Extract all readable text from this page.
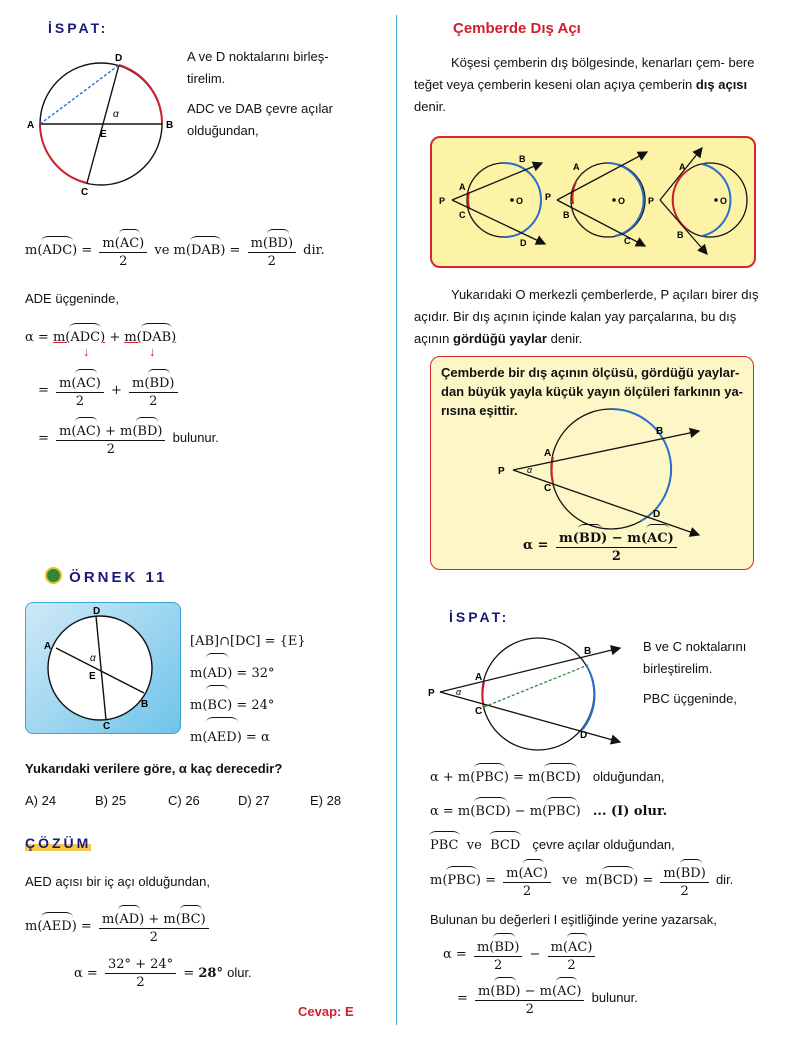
İSPAT:
A	B
D
C
E
α
A ve D noktalarını birleş-
tirelim.
ADC ve DAB çevre açılar
olduğundan,
$m(ADC) = \frac{m(AC)}{2}$ ve $m(DAB) = \frac{m(BD)}{2}$ dir.
ADE üçgeninde,
α = m(ADC) + m(DAB)
↓	↓
= $\frac{m(AC)}{2} + \frac{m(BD)}{2}$
= $\frac{m(AC) + m(BD)}{2}$ bulunur.
ÖRNEK 11
A
B
D
C
E
α
[AB]∩[DC] = {E}
m(AD) = 32°
m(BC) = 24°
m(AED) = α
Yukarıdaki verilere göre, α kaç derecedir?
A) 24	B) 25	C) 26	D) 27	E) 28
ÇÖZÜM
AED açısı bir iç açı olduğundan,
$m(AED) = \frac{m(AD) + m(BC)}{2}$
$\alpha = \frac{32^\circ + 24^\circ}{2} = 28^\circ$ olur.
Cevap: E
Çemberde Dış Açı
Köşesi çemberin dış bölgesinde, kenarları çem- bere teğet veya çemberin keseni olan açıya çemberin dış açısı denir.
O
P
A
C
B
D
O
P
A
B
C
O
P
A
B
Yukarıdaki O merkezli çemberlerde, P açıları birer dış açıdır. Bir dış açının içinde kalan yay parçalarına, bu dış açının gördüğü yaylar denir.
Çemberde bir dış açının ölçüsü, gördüğü yaylar- dan büyük yayla küçük yayın ölçüleri farkının ya- rısına eşittir.
P α
A
C
B
D
$\alpha = \frac{m(BD) - m(AC)}{2}$
İSPAT:
P α
A
C
B
D
B ve C noktalarını
birleştirelim.
PBC üçgeninde,
α + m(PBC) = m(BCD) olduğundan,
α = m(BCD) − m(PBC) ... (I) olur.
PBC  ve  BCD çevre açılar olduğundan,
$m(PBC) = \frac{m(AC)}{2}$ ve  $m(BCD) = \frac{m(BD)}{2}$ dir.
Bulunan bu değerleri I eşitliğinde yerine yazarsak,
$\alpha = \frac{m(BD)}{2} - \frac{m(AC)}{2}$
= $\frac{m(BD) - m(AC)}{2}$ bulunur.
